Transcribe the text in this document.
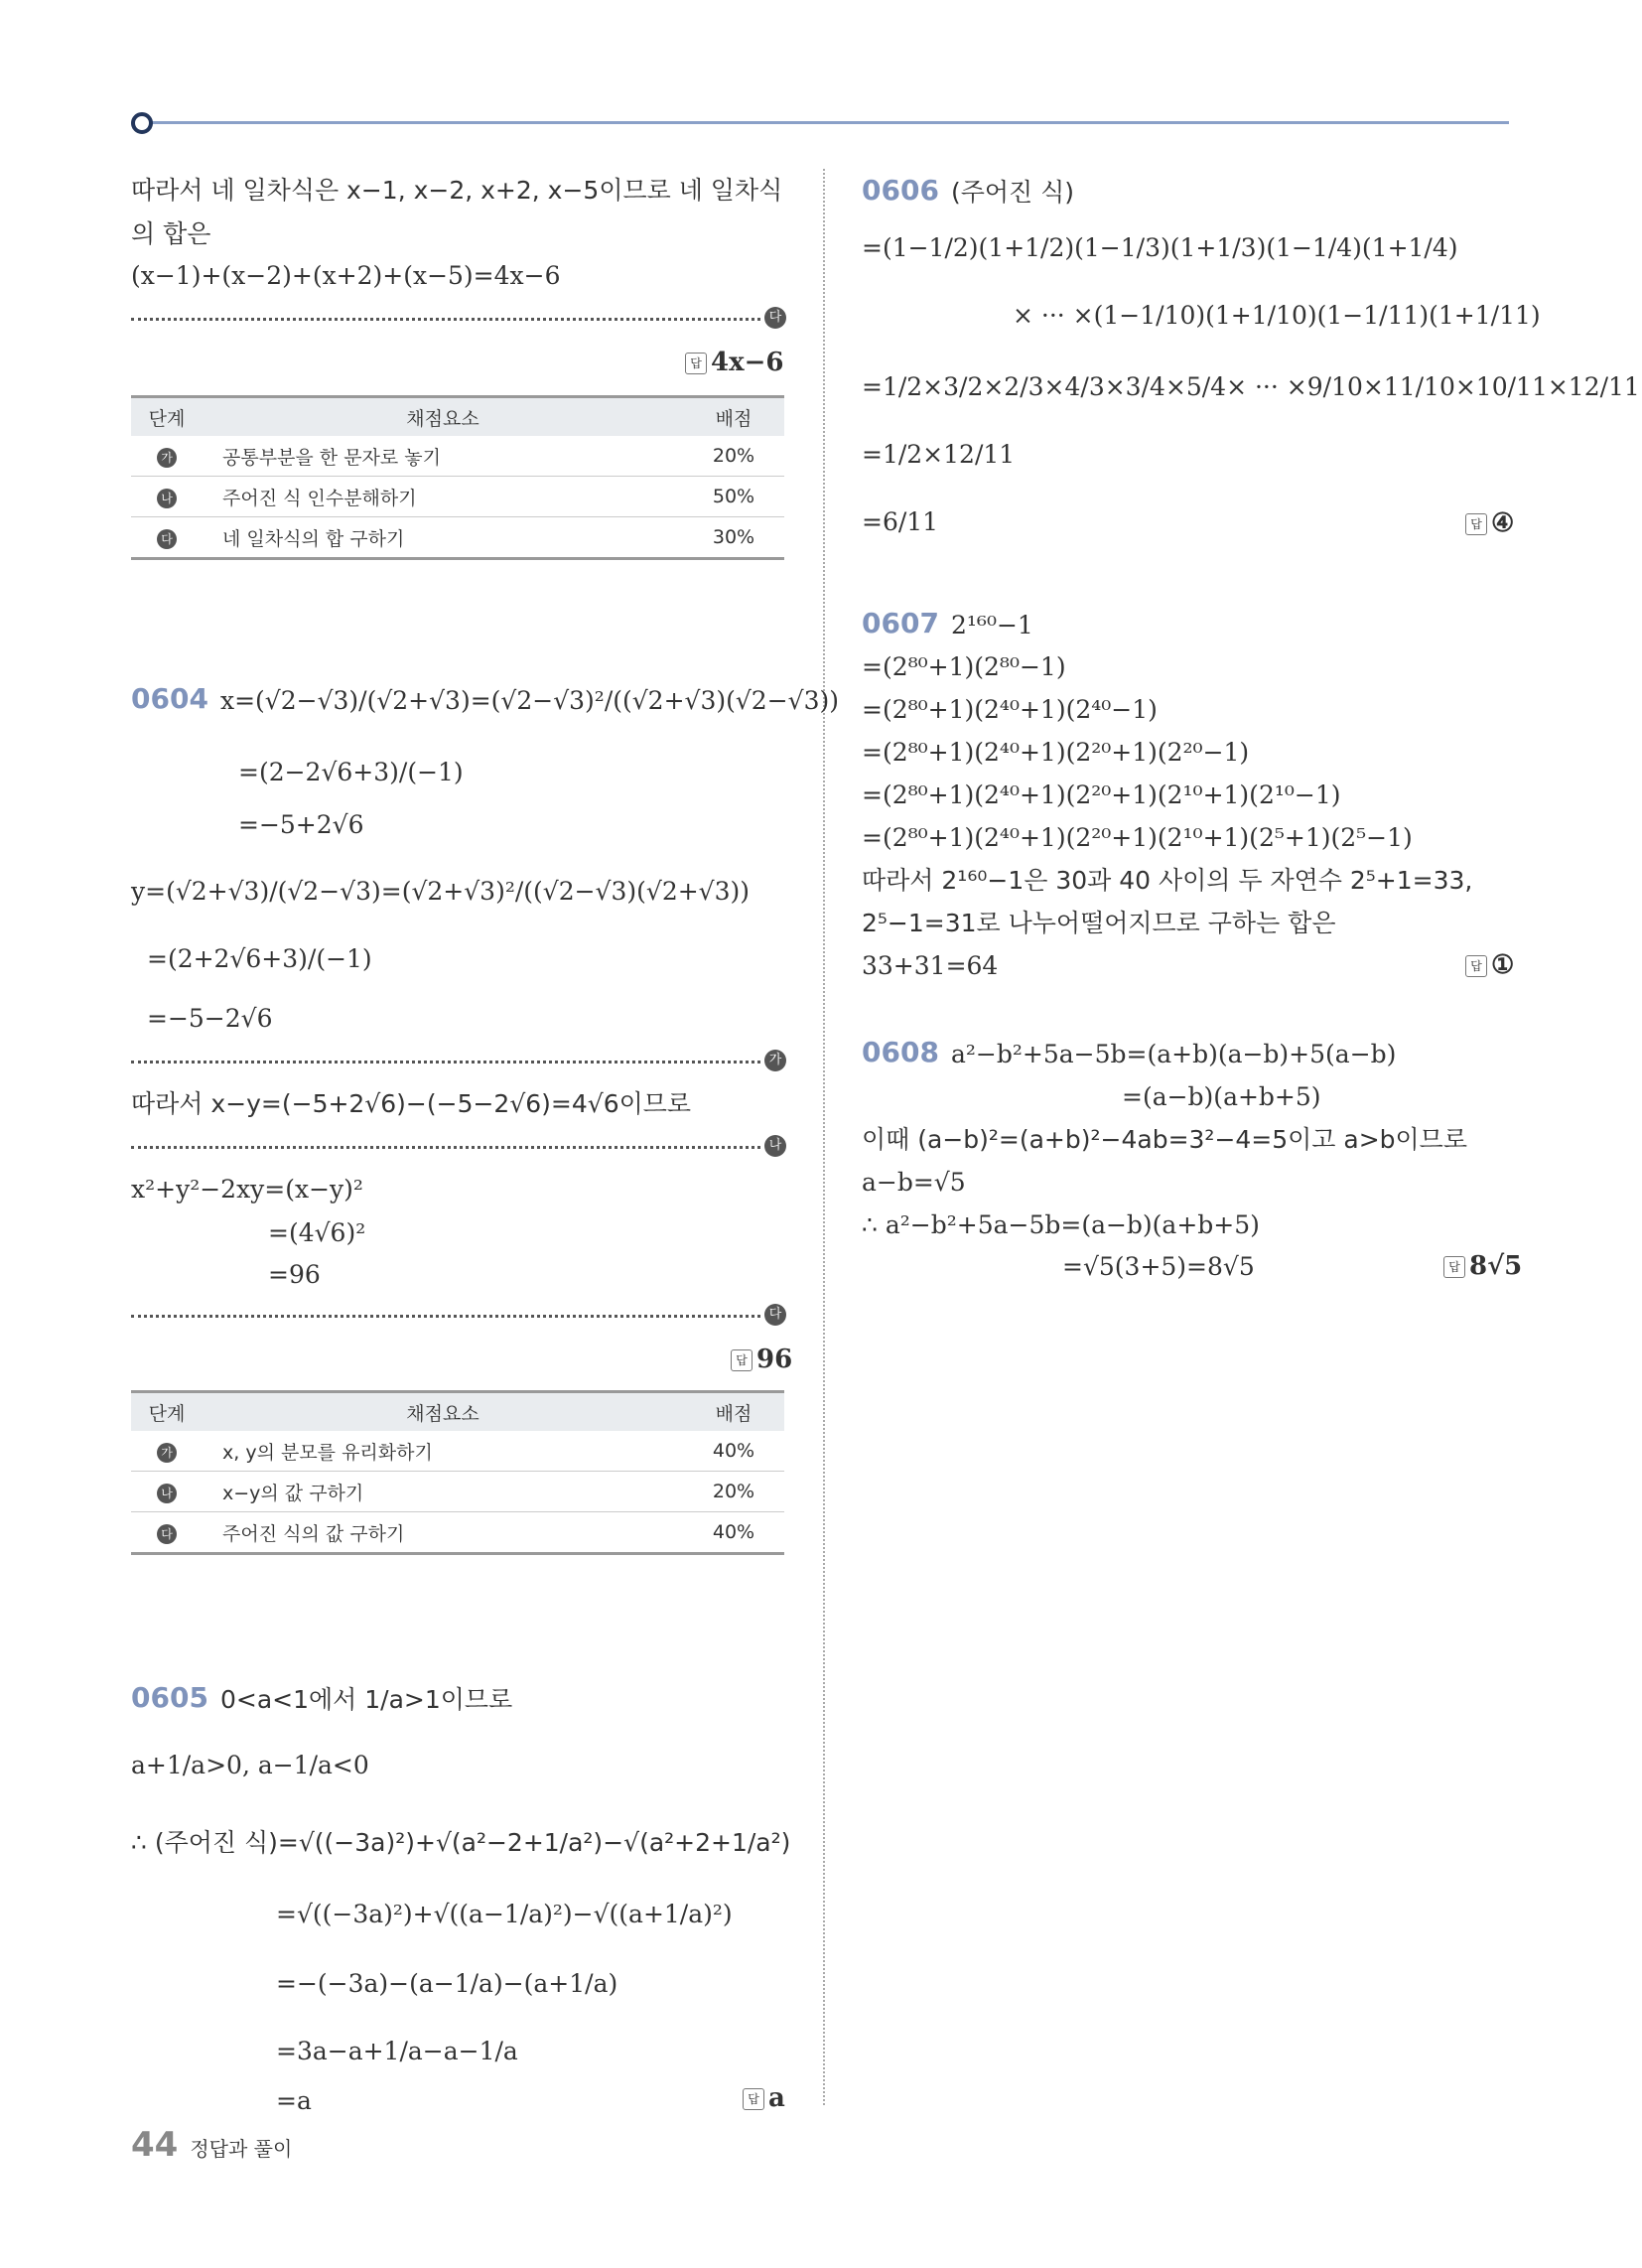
따라서 네 일차식은 x−1, x−2, x+2, x−5이므로 네 일차식
의 합은
(x−1)+(x−2)+(x+2)+(x−5)=4x−6
다
답 4x−6
단계	채점요소	배점
가	공통부분을 한 문자로 놓기	20%
나	주어진 식 인수분해하기	50%
다	네 일차식의 합 구하기	30%
0604 x=(√2−√3)/(√2+√3)=(√2−√3)²/((√2+√3)(√2−√3))
=(2−2√6+3)/(−1)
=−5+2√6
y=(√2+√3)/(√2−√3)=(√2+√3)²/((√2−√3)(√2+√3))
=(2+2√6+3)/(−1)
=−5−2√6
가
따라서 x−y=(−5+2√6)−(−5−2√6)=4√6이므로
나
x²+y²−2xy=(x−y)²
=(4√6)²
=96
다
답 96
단계	채점요소	배점
가	x, y의 분모를 유리화하기	40%
나	x−y의 값 구하기	20%
다	주어진 식의 값 구하기	40%
0605 0<a<1에서 1/a>1이므로
a+1/a>0, a−1/a<0
∴ (주어진 식)=√((−3a)²)+√(a²−2+1/a²)−√(a²+2+1/a²)
=√((−3a)²)+√((a−1/a)²)−√((a+1/a)²)
=−(−3a)−(a−1/a)−(a+1/a)
=3a−a+1/a−a−1/a
=a	답 a
0606 (주어진 식)
=(1−1/2)(1+1/2)(1−1/3)(1+1/3)(1−1/4)(1+1/4)
× ··· ×(1−1/10)(1+1/10)(1−1/11)(1+1/11)
=1/2×3/2×2/3×4/3×3/4×5/4× ··· ×9/10×11/10×10/11×12/11
=1/2×12/11
=6/11	답 ④
0607 2¹⁶⁰−1
=(2⁸⁰+1)(2⁸⁰−1)
=(2⁸⁰+1)(2⁴⁰+1)(2⁴⁰−1)
=(2⁸⁰+1)(2⁴⁰+1)(2²⁰+1)(2²⁰−1)
=(2⁸⁰+1)(2⁴⁰+1)(2²⁰+1)(2¹⁰+1)(2¹⁰−1)
=(2⁸⁰+1)(2⁴⁰+1)(2²⁰+1)(2¹⁰+1)(2⁵+1)(2⁵−1)
따라서 2¹⁶⁰−1은 30과 40 사이의 두 자연수 2⁵+1=33,
2⁵−1=31로 나누어떨어지므로 구하는 합은
33+31=64	답 ①
0608 a²−b²+5a−5b=(a+b)(a−b)+5(a−b)
=(a−b)(a+b+5)
이때 (a−b)²=(a+b)²−4ab=3²−4=5이고 a>b이므로
a−b=√5
∴ a²−b²+5a−5b=(a−b)(a+b+5)
=√5(3+5)=8√5	답 8√5
44 정답과 풀이
